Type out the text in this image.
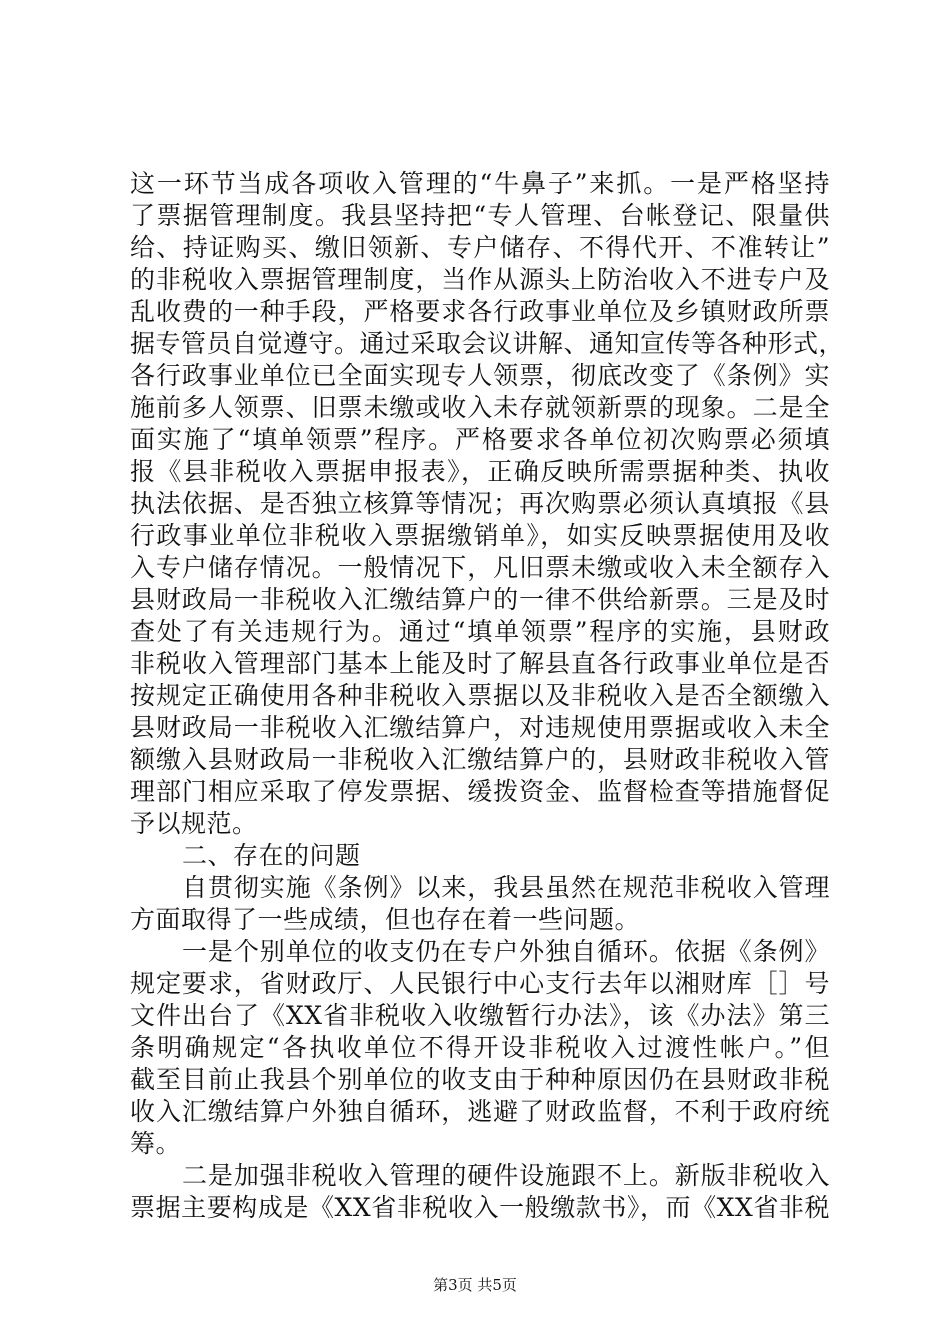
这一环节当成各项收入管理的“牛鼻子”来抓。一是严格坚持
了票据管理制度。我县坚持把“专人管理、台帐登记、限量供
给、持证购买、缴旧领新、专户储存、不得代开、不准转让”
的非税收入票据管理制度，当作从源头上防治收入不进专户及
乱收费的一种手段，严格要求各行政事业单位及乡镇财政所票
据专管员自觉遵守。通过采取会议讲解、通知宣传等各种形式，
各行政事业单位已全面实现专人领票，彻底改变了《条例》实
施前多人领票、旧票未缴或收入未存就领新票的现象。二是全
面实施了“填单领票”程序。严格要求各单位初次购票必须填
报《县非税收入票据申报表》，正确反映所需票据种类、执收
执法依据、是否独立核算等情况；再次购票必须认真填报《县
行政事业单位非税收入票据缴销单》，如实反映票据使用及收
入专户储存情况。一般情况下，凡旧票未缴或收入未全额存入
县财政局一非税收入汇缴结算户的一律不供给新票。三是及时
查处了有关违规行为。通过“填单领票”程序的实施，县财政
非税收入管理部门基本上能及时了解县直各行政事业单位是否
按规定正确使用各种非税收入票据以及非税收入是否全额缴入
县财政局一非税收入汇缴结算户，对违规使用票据或收入未全
额缴入县财政局一非税收入汇缴结算户的，县财政非税收入管
理部门相应采取了停发票据、缓拨资金、监督检查等措施督促
予以规范。
二、存在的问题
自贯彻实施《条例》以来，我县虽然在规范非税收入管理
方面取得了一些成绩，但也存在着一些问题。
一是个别单位的收支仍在专户外独自循环。依据《条例》
规定要求，省财政厅、人民银行中心支行去年以湘财库［］号
文件出台了《XX省非税收入收缴暂行办法》，该《办法》第三
条明确规定“各执收单位不得开设非税收入过渡性帐户。”但
截至目前止我县个别单位的收支由于种种原因仍在县财政非税
收入汇缴结算户外独自循环，逃避了财政监督，不利于政府统
筹。
二是加强非税收入管理的硬件设施跟不上。新版非税收入
票据主要构成是《XX省非税收入一般缴款书》，而《XX省非税
第3页 共5页
